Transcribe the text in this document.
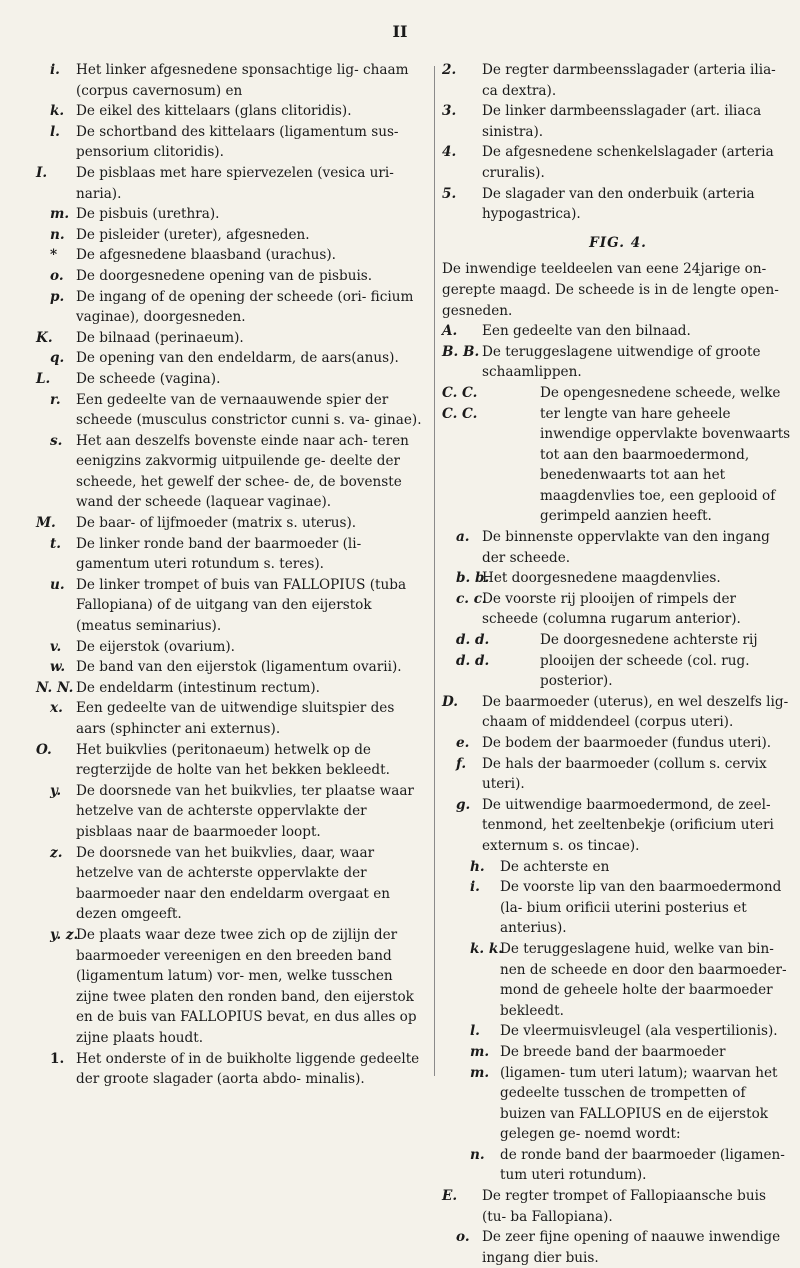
II

i.	Het linker afgesnedene sponsachtige lig- chaam (corpus cavernosum) en

k. De eikel des kittelaars (glans clitoridis).

l.	De schortband des kittelaars (ligamentum sus- pensorium clitoridis).

I.	De pisblaas met hare spiervezelen (vesica uri- naria).

m. De pisbuis (urethra).

n. De pisleider (ureter), afgesneden.

*	De afgesnedene blaasband (urachus).

o. De doorgesnedene opening van de pisbuis.

p. De ingang of de opening der scheede (ori- ficium vaginae), doorgesneden.

K.	De bilnaad (perinaeum).

q. De opening van den endeldarm, de aars(anus).

L.	De scheede (vagina).

r.	Een gedeelte van de vernaauwende spier der scheede (musculus constrictor cunni s. va- ginae).

s.	Het aan deszelfs bovenste einde naar ach- teren eenigzins zakvormig uitpuilende ge- deelte der scheede, het gewelf der schee- de, de bovenste wand der scheede (laquear vaginae).

M.	De baar- of lijfmoeder (matrix s. uterus).

t.	De linker ronde band der baarmoeder (li- gamentum uteri rotundum s. teres).

u. De linker trompet of buis van FALLOPIUS (tuba Fallopiana) of de uitgang van den eijerstok (meatus seminarius).

v.	De eijerstok (ovarium).

w. De band van den eijerstok (ligamentum ovarii).

N. N. De endeldarm (intestinum rectum).

x. Een gedeelte van de uitwendige sluitspier des aars (sphincter ani externus).

O.	Het buikvlies (peritonaeum) hetwelk op de regterzijde de holte van het bekken bekleedt.

y.	De doorsnede van het buikvlies, ter plaatse waar hetzelve van de achterste oppervlakte der pisblaas naar de baarmoeder loopt.

z. De doorsnede van het buikvlies, daar, waar hetzelve van de achterste oppervlakte der baarmoeder naar den endeldarm overgaat en dezen omgeeft.

y. z.
De plaats waar deze twee zich op de zijlijn der baarmoeder vereenigen en den breeden band (ligamentum latum) vor- men, welke tusschen zijne twee platen den ronden band, den eijerstok en de buis van FALLOPIUS bevat, en dus alles op zijne plaats houdt.

1. Het onderste of in de buikholte liggende gedeelte der groote slagader (aorta abdo- minalis).

2.	De regter darmbeensslagader (arteria ilia- ca dextra).

3.	De linker darmbeensslagader (art. iliaca sinistra).

4.	De afgesnedene schenkelslagader (arteria cruralis).

5.	De slagader van den onderbuik (arteria hypogastrica).

FIG. 4.

De inwendige teeldeelen van eene 24jarige on- gerepte maagd. De scheede is in de lengte open- gesneden.

A.	Een gedeelte van den bilnaad.

B. B. De teruggeslagene uitwendige of groote schaamlippen.

C. C. C. C.
De opengesnedene scheede, welke ter lengte van hare geheele inwendige oppervlakte bovenwaarts tot aan den baarmoedermond, benedenwaarts tot aan het maagdenvlies toe, een geplooid of gerimpeld aanzien heeft.

a. De binnenste oppervlakte van den ingang der scheede.

b. b.
Het doorgesnedene maagdenvlies.

c. c.
De voorste rij plooijen of rimpels der scheede (columna rugarum anterior).

d. d. d. d.
De doorgesnedene achterste rij plooijen der scheede (col. rug. posterior).

D.	De baarmoeder (uterus), en wel deszelfs lig- chaam of middendeel (corpus uteri).

e. De bodem der baarmoeder (fundus uteri).

f.	De hals der baarmoeder (collum s. cervix uteri).

g. De uitwendige baarmoedermond, de zeel- tenmond, het zeeltenbekje (orificium uteri externum s. os tincae).

h.	De achterste en

i.	De voorste lip van den baarmoedermond (la- bium orificii uterini posterius et anterius).

k. k.
De teruggeslagene huid, welke van bin- nen de scheede en door den baarmoeder- mond de geheele holte der baarmoeder bekleedt.

l.	De vleermuisvleugel (ala vespertilionis).

m. m.
De breede band der baarmoeder (ligamen- tum uteri latum); waarvan het gedeelte tusschen de trompetten of buizen van FALLOPIUS en de eijerstok gelegen ge- noemd wordt:

n.	de ronde band der baarmoeder (ligamen- tum uteri rotundum).

E.	De regter trompet of Fallopiaansche buis (tu- ba Fallopiana).

o. De zeer fijne opening of naauwe inwendige ingang dier buis.
